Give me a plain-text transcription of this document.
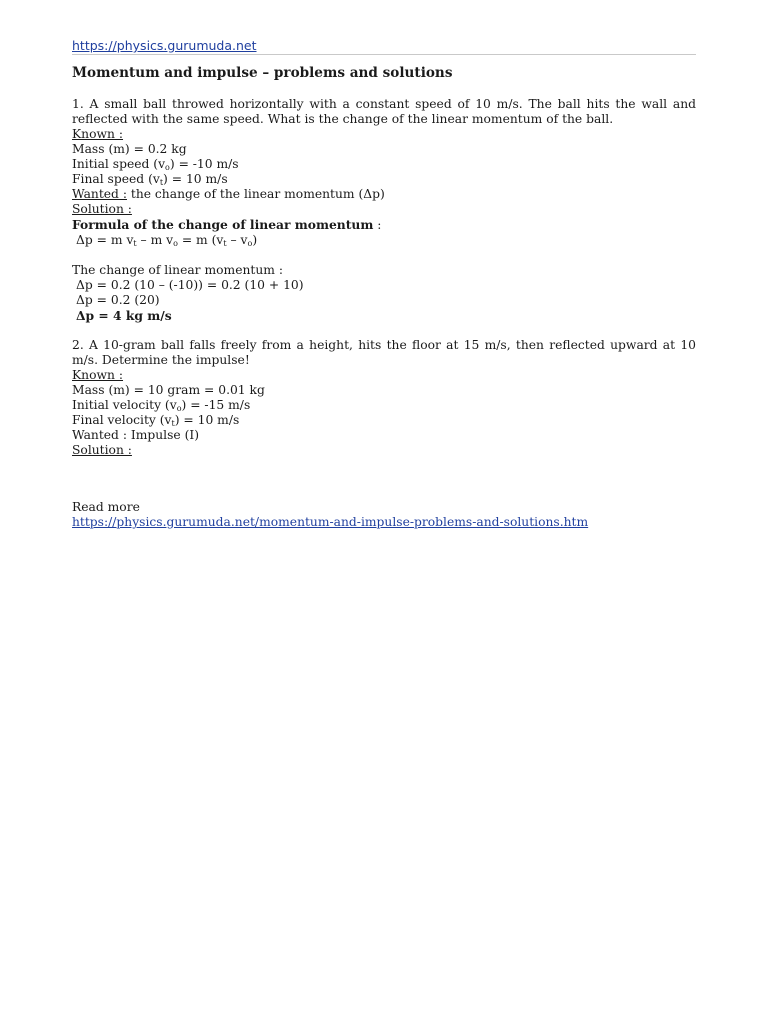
https://physics.gurumuda.net
Momentum and impulse – problems and solutions

1. A small ball throwed horizontally with a constant speed of 10 m/s. The ball hits the wall and reflected with the same speed. What is the change of the linear momentum of the ball.

Known :
Mass (m) = 0.2 kg
Initial speed $(v_o) = -10$ m/s
Final speed $(v_t) = 10$ m/s
Wanted : the change of the linear momentum (Δp)
Solution :
Formula of the change of linear momentum :
Δp = m $v_t$ – m $v_o = m$ $(v_t - v_o)$
The change of linear momentum :
Δp = 0.2 (10 – (-10)) = 0.2 (10 + 10)
Δp = 0.2 (20)
Δp = 4 kg m/s

2. A 10-gram ball falls freely from a height, hits the floor at 15 m/s, then reflected upward at 10 m/s. Determine the impulse!

Known :
Mass (m) = 10 gram = 0.01 kg
Initial velocity $(v_o) = -15$ m/s
Final velocity $(v_t) = 10$ m/s
Wanted : Impulse (I)
Solution :
Read more
https://physics.gurumuda.net/momentum-and-impulse-problems-and-solutions.htm
